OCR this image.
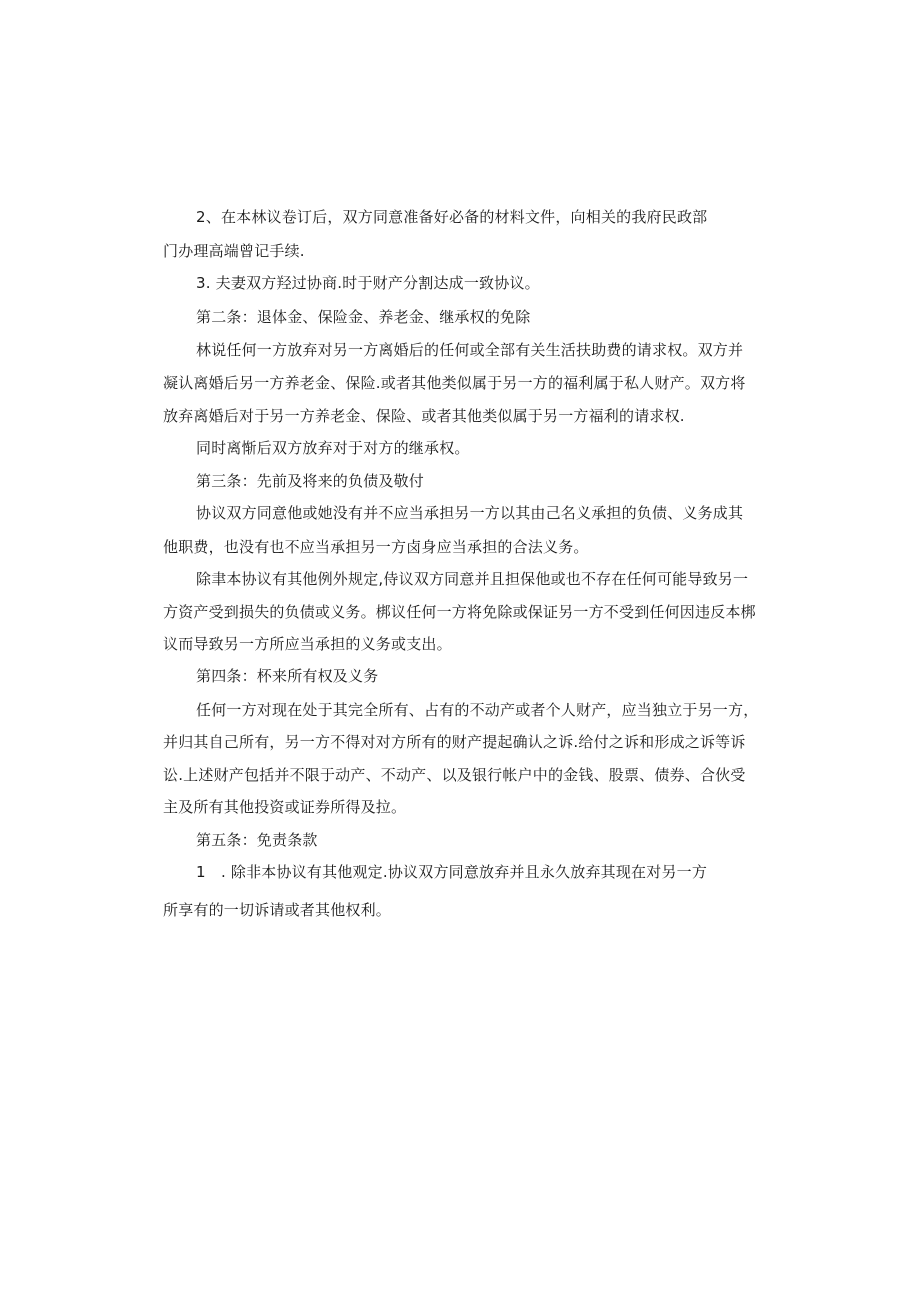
2、在本林议卷订后，双方同意准备好必备的材料文件，向相关的我府民政部
门办理高端曾记手续.
3. 夫妻双方羟过协商.时于财产分割达成一致协议。
第二条：退体金、保险金、养老金、继承权的免除
林说任何一方放弃对另一方离婚后的任何或全部有关生活扶助费的请求权。双方并
凝认离婚后另一方养老金、保险.或者其他类似属于另一方的福利属于私人财产。双方将
放弃离婚后对于另一方养老金、保险、或者其他类似属于另一方福利的请求权.
同时离惭后双方放弃对于对方的继承权。
第三条：先前及将来的负债及敬付
协议双方同意他或她没有并不应当承担另一方以其由己名义承担的负债、义务成其
他职费，也没有也不应当承担另一方卤身应当承担的合法义务。
除聿本协议有其他例外规定,侍议双方同意并且担保他或也不存在任何可能导致另一
方资产受到损失的负债或义务。梆议任何一方将免除或保证另一方不受到任何因违反本梆
议而导致另一方所应当承担的义务或支出。
第四条：杯来所有权及义务
任何一方对现在处于其完全所有、占有的不动产或者个人财产，应当独立于另一方，
并归其自己所有，另一方不得对对方所有的财产提起确认之诉.给付之诉和形成之诉等诉
讼.上述财产包括并不限于动产、不动产、以及银行帐户中的金钱、股票、债券、合伙受
主及所有其他投资或证券所得及拉。
第五条：免责条款
1　. 除非本协议有其他观定.协议双方同意放弃并且永久放弃其现在对另一方
所享有的一切诉请或者其他权利。
